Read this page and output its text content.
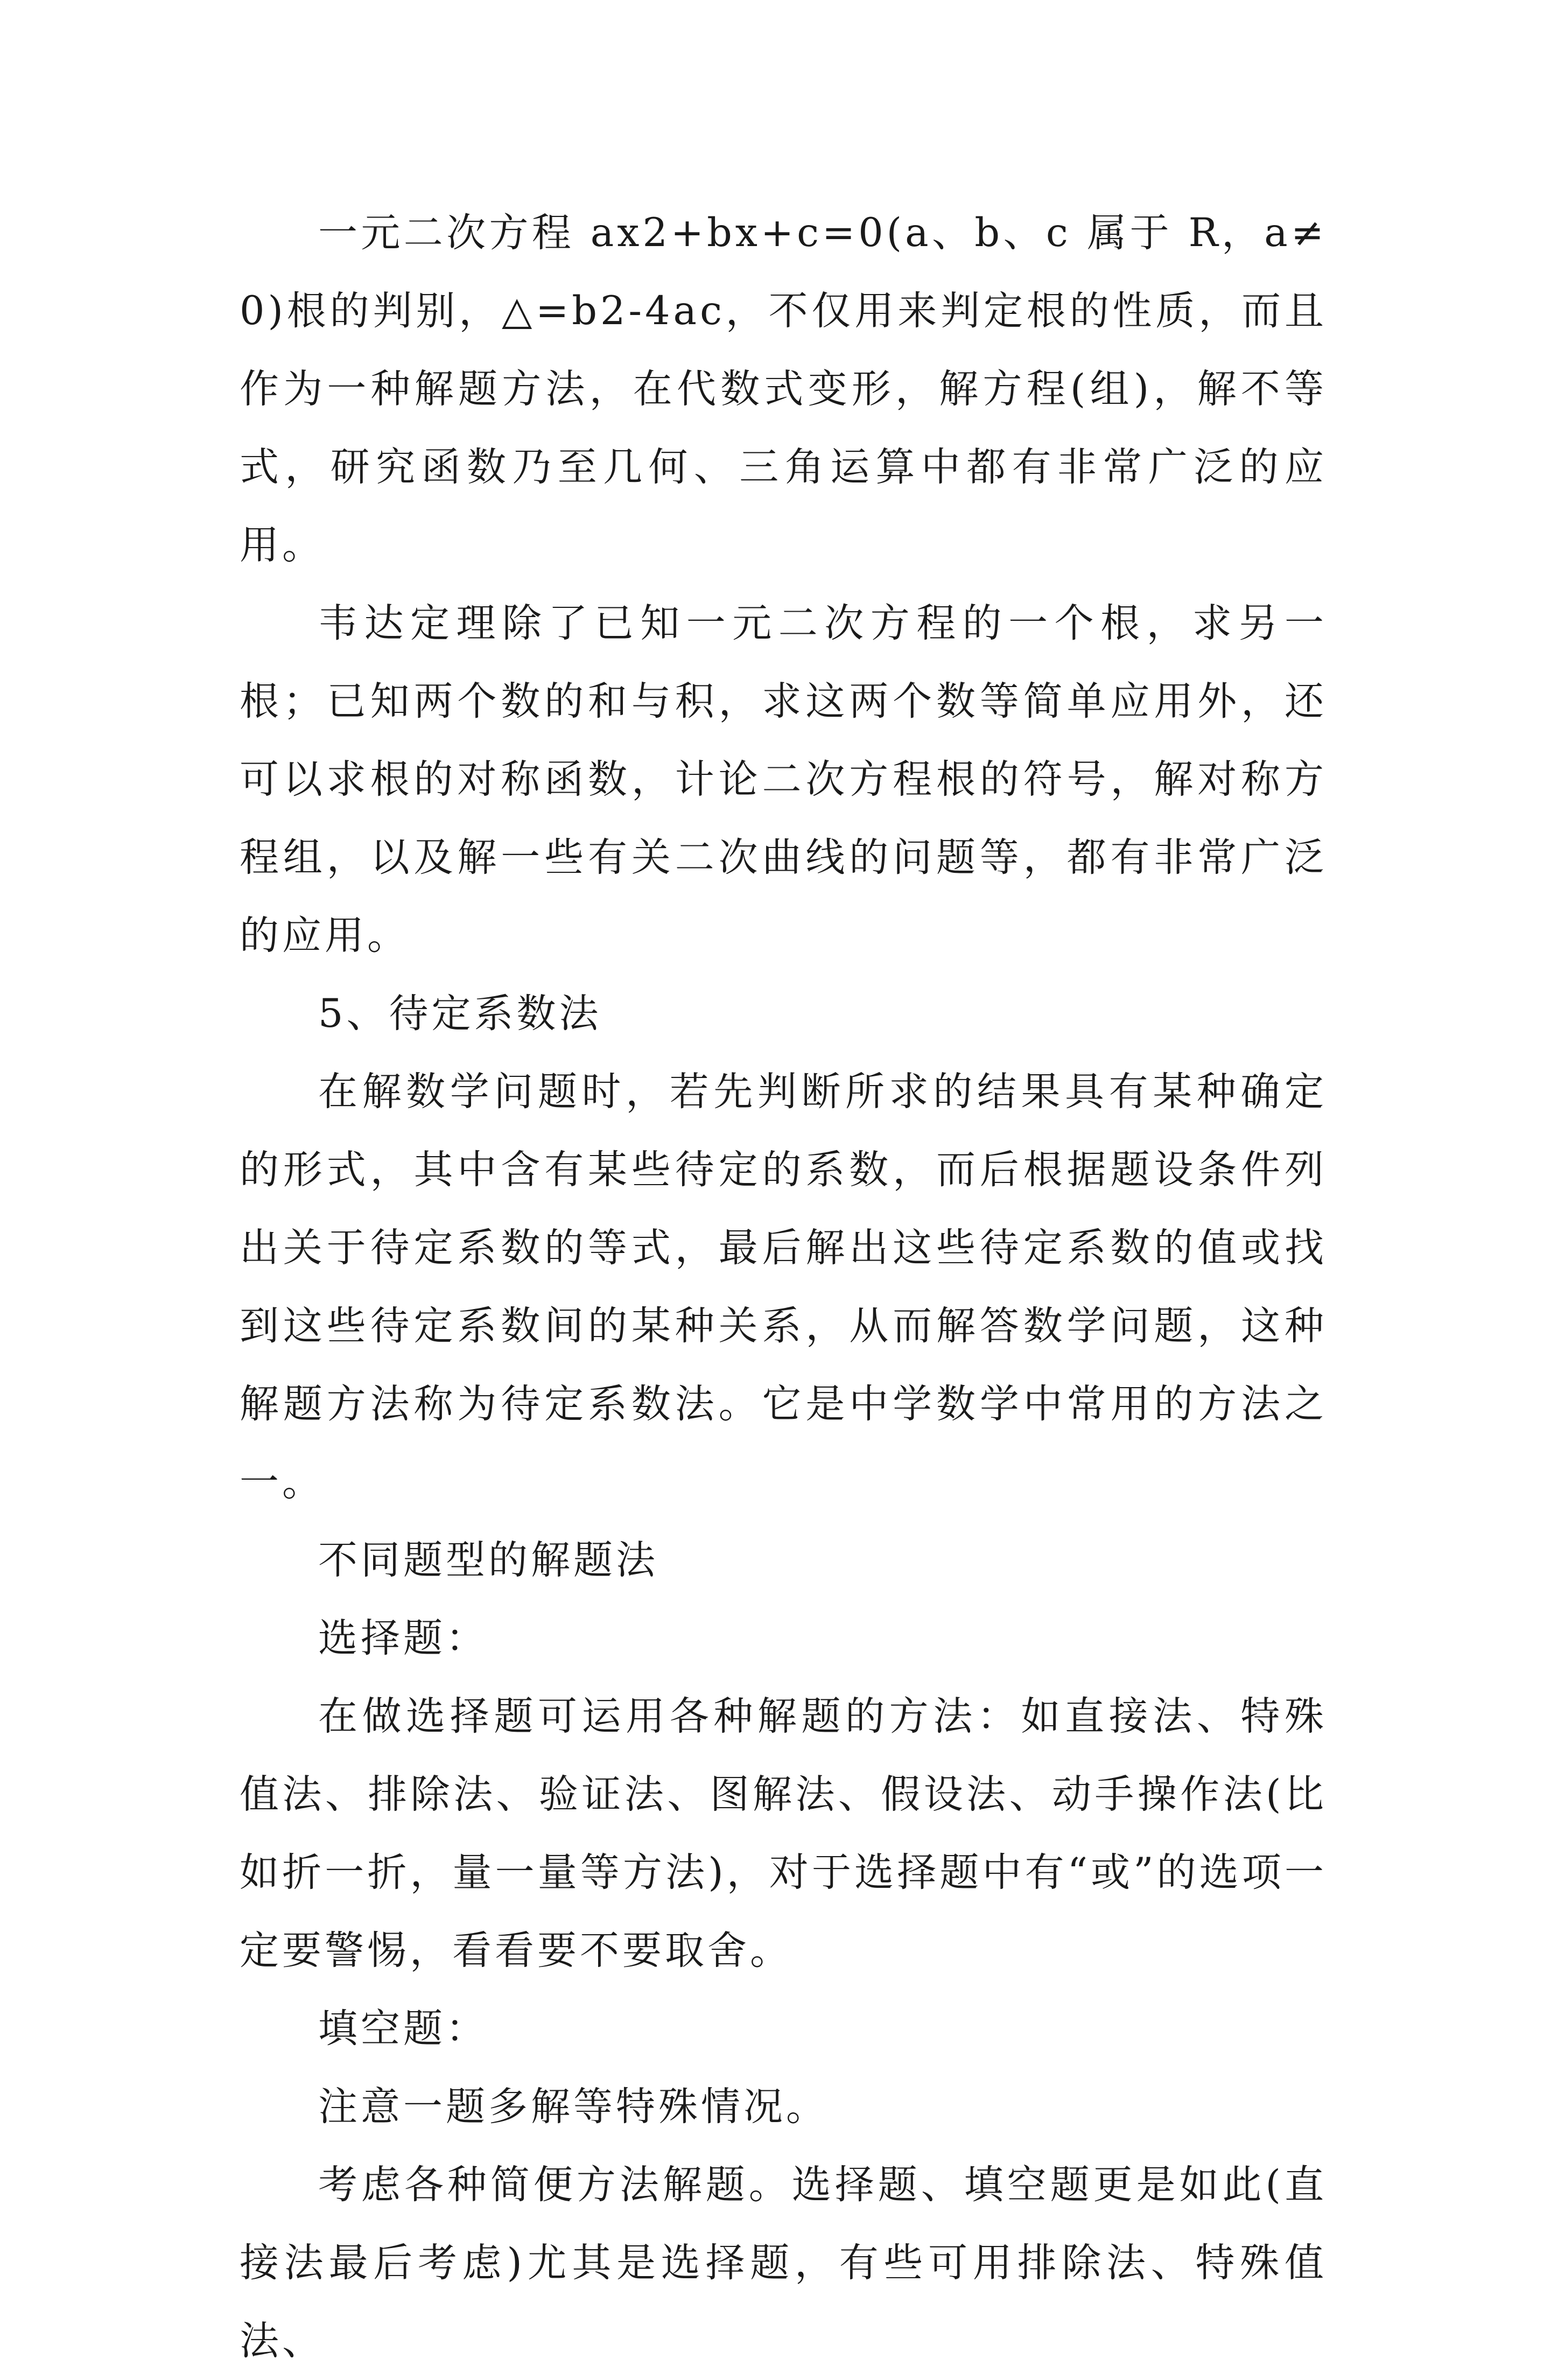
一元二次方程 ax2+bx+c=0(a、b、c 属于 R，a≠0)根的判别，△=b2-4ac，不仅用来判定根的性质，而且作为一种解题方法，在代数式变形，解方程(组)，解不等式，研究函数乃至几何、三角运算中都有非常广泛的应用。

韦达定理除了已知一元二次方程的一个根，求另一根；已知两个数的和与积，求这两个数等简单应用外，还可以求根的对称函数，计论二次方程根的符号，解对称方程组，以及解一些有关二次曲线的问题等，都有非常广泛的应用。

5、待定系数法

在解数学问题时，若先判断所求的结果具有某种确定的形式，其中含有某些待定的系数，而后根据题设条件列出关于待定系数的等式，最后解出这些待定系数的值或找到这些待定系数间的某种关系，从而解答数学问题，这种解题方法称为待定系数法。它是中学数学中常用的方法之一。

不同题型的解题法

选择题：

在做选择题可运用各种解题的方法：如直接法、特殊值法、排除法、验证法、图解法、假设法、动手操作法(比如折一折，量一量等方法)，对于选择题中有“或”的选项一定要警惕，看看要不要取舍。

填空题：

注意一题多解等特殊情况。

考虑各种简便方法解题。选择题、填空题更是如此(直接法最后考虑)尤其是选择题，有些可用排除法、特殊值法、
